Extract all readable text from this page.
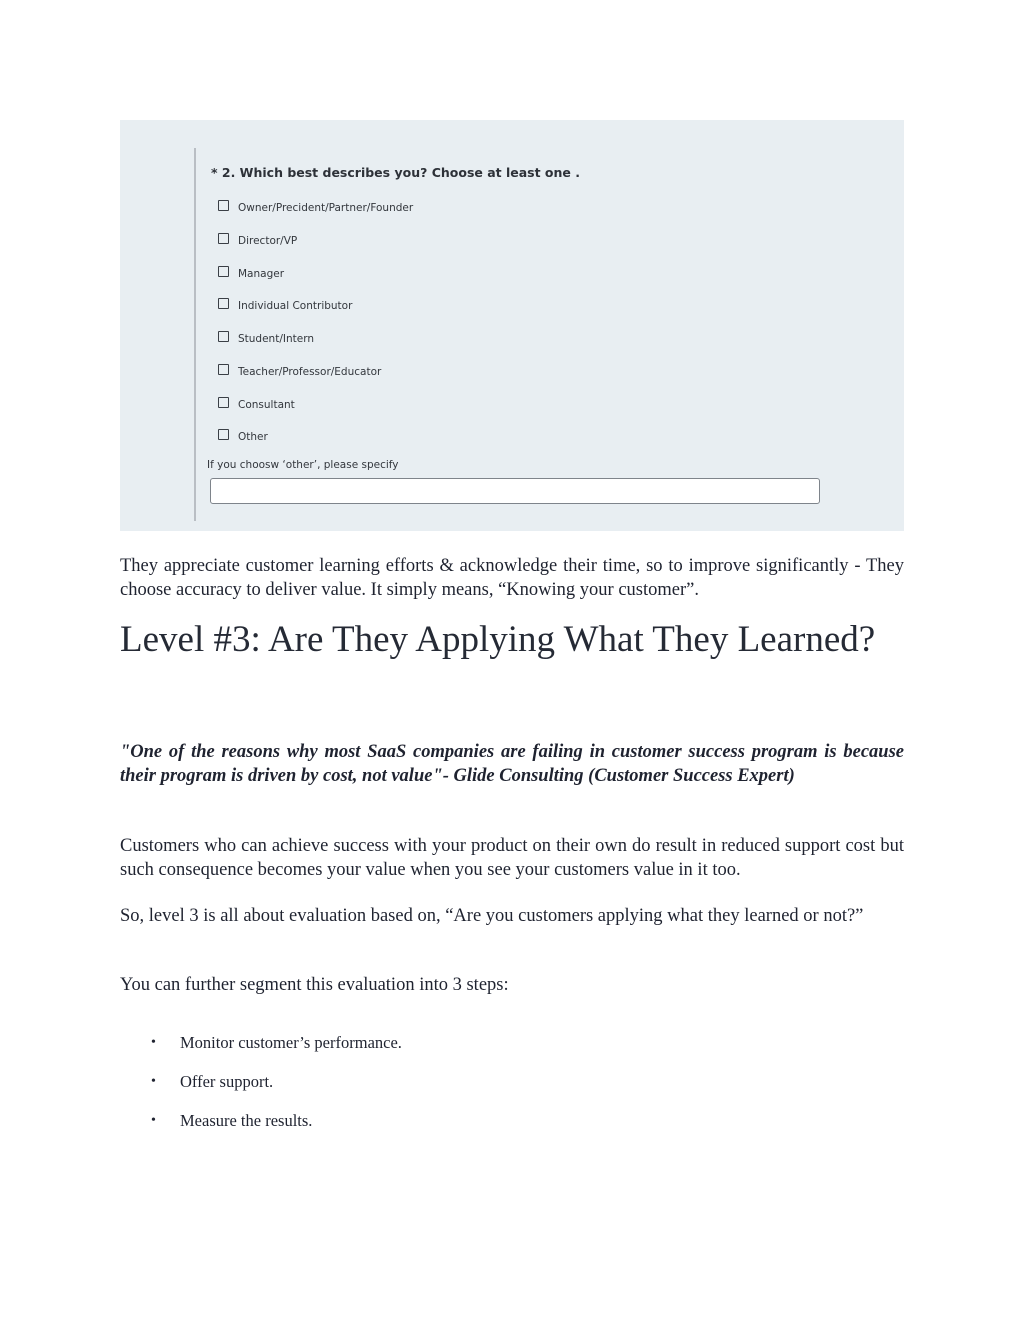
* 2. Which best describes you? Choose at least one .
Owner/Precident/Partner/Founder
Director/VP
Manager
Individual Contributor
Student/Intern
Teacher/Professor/Educator
Consultant
Other
If you choosw ‘other’, please specify

They appreciate customer learning efforts & acknowledge their time, so to improve significantly - They choose accuracy to deliver value. It simply means, “Knowing your customer”.

Level #3: Are They Applying What They Learned?

"One of the reasons why most SaaS companies are failing in customer success program is because their program is driven by cost, not value"- Glide Consulting (Customer Success Expert)

Customers who can achieve success with your product on their own do result in reduced support cost but such consequence becomes your value when you see your customers value in it too.

So, level 3 is all about evaluation based on, “Are you customers applying what they learned or not?”

You can further segment this evaluation into 3 steps:

• Monitor customer’s performance.
• Offer support.
• Measure the results.
